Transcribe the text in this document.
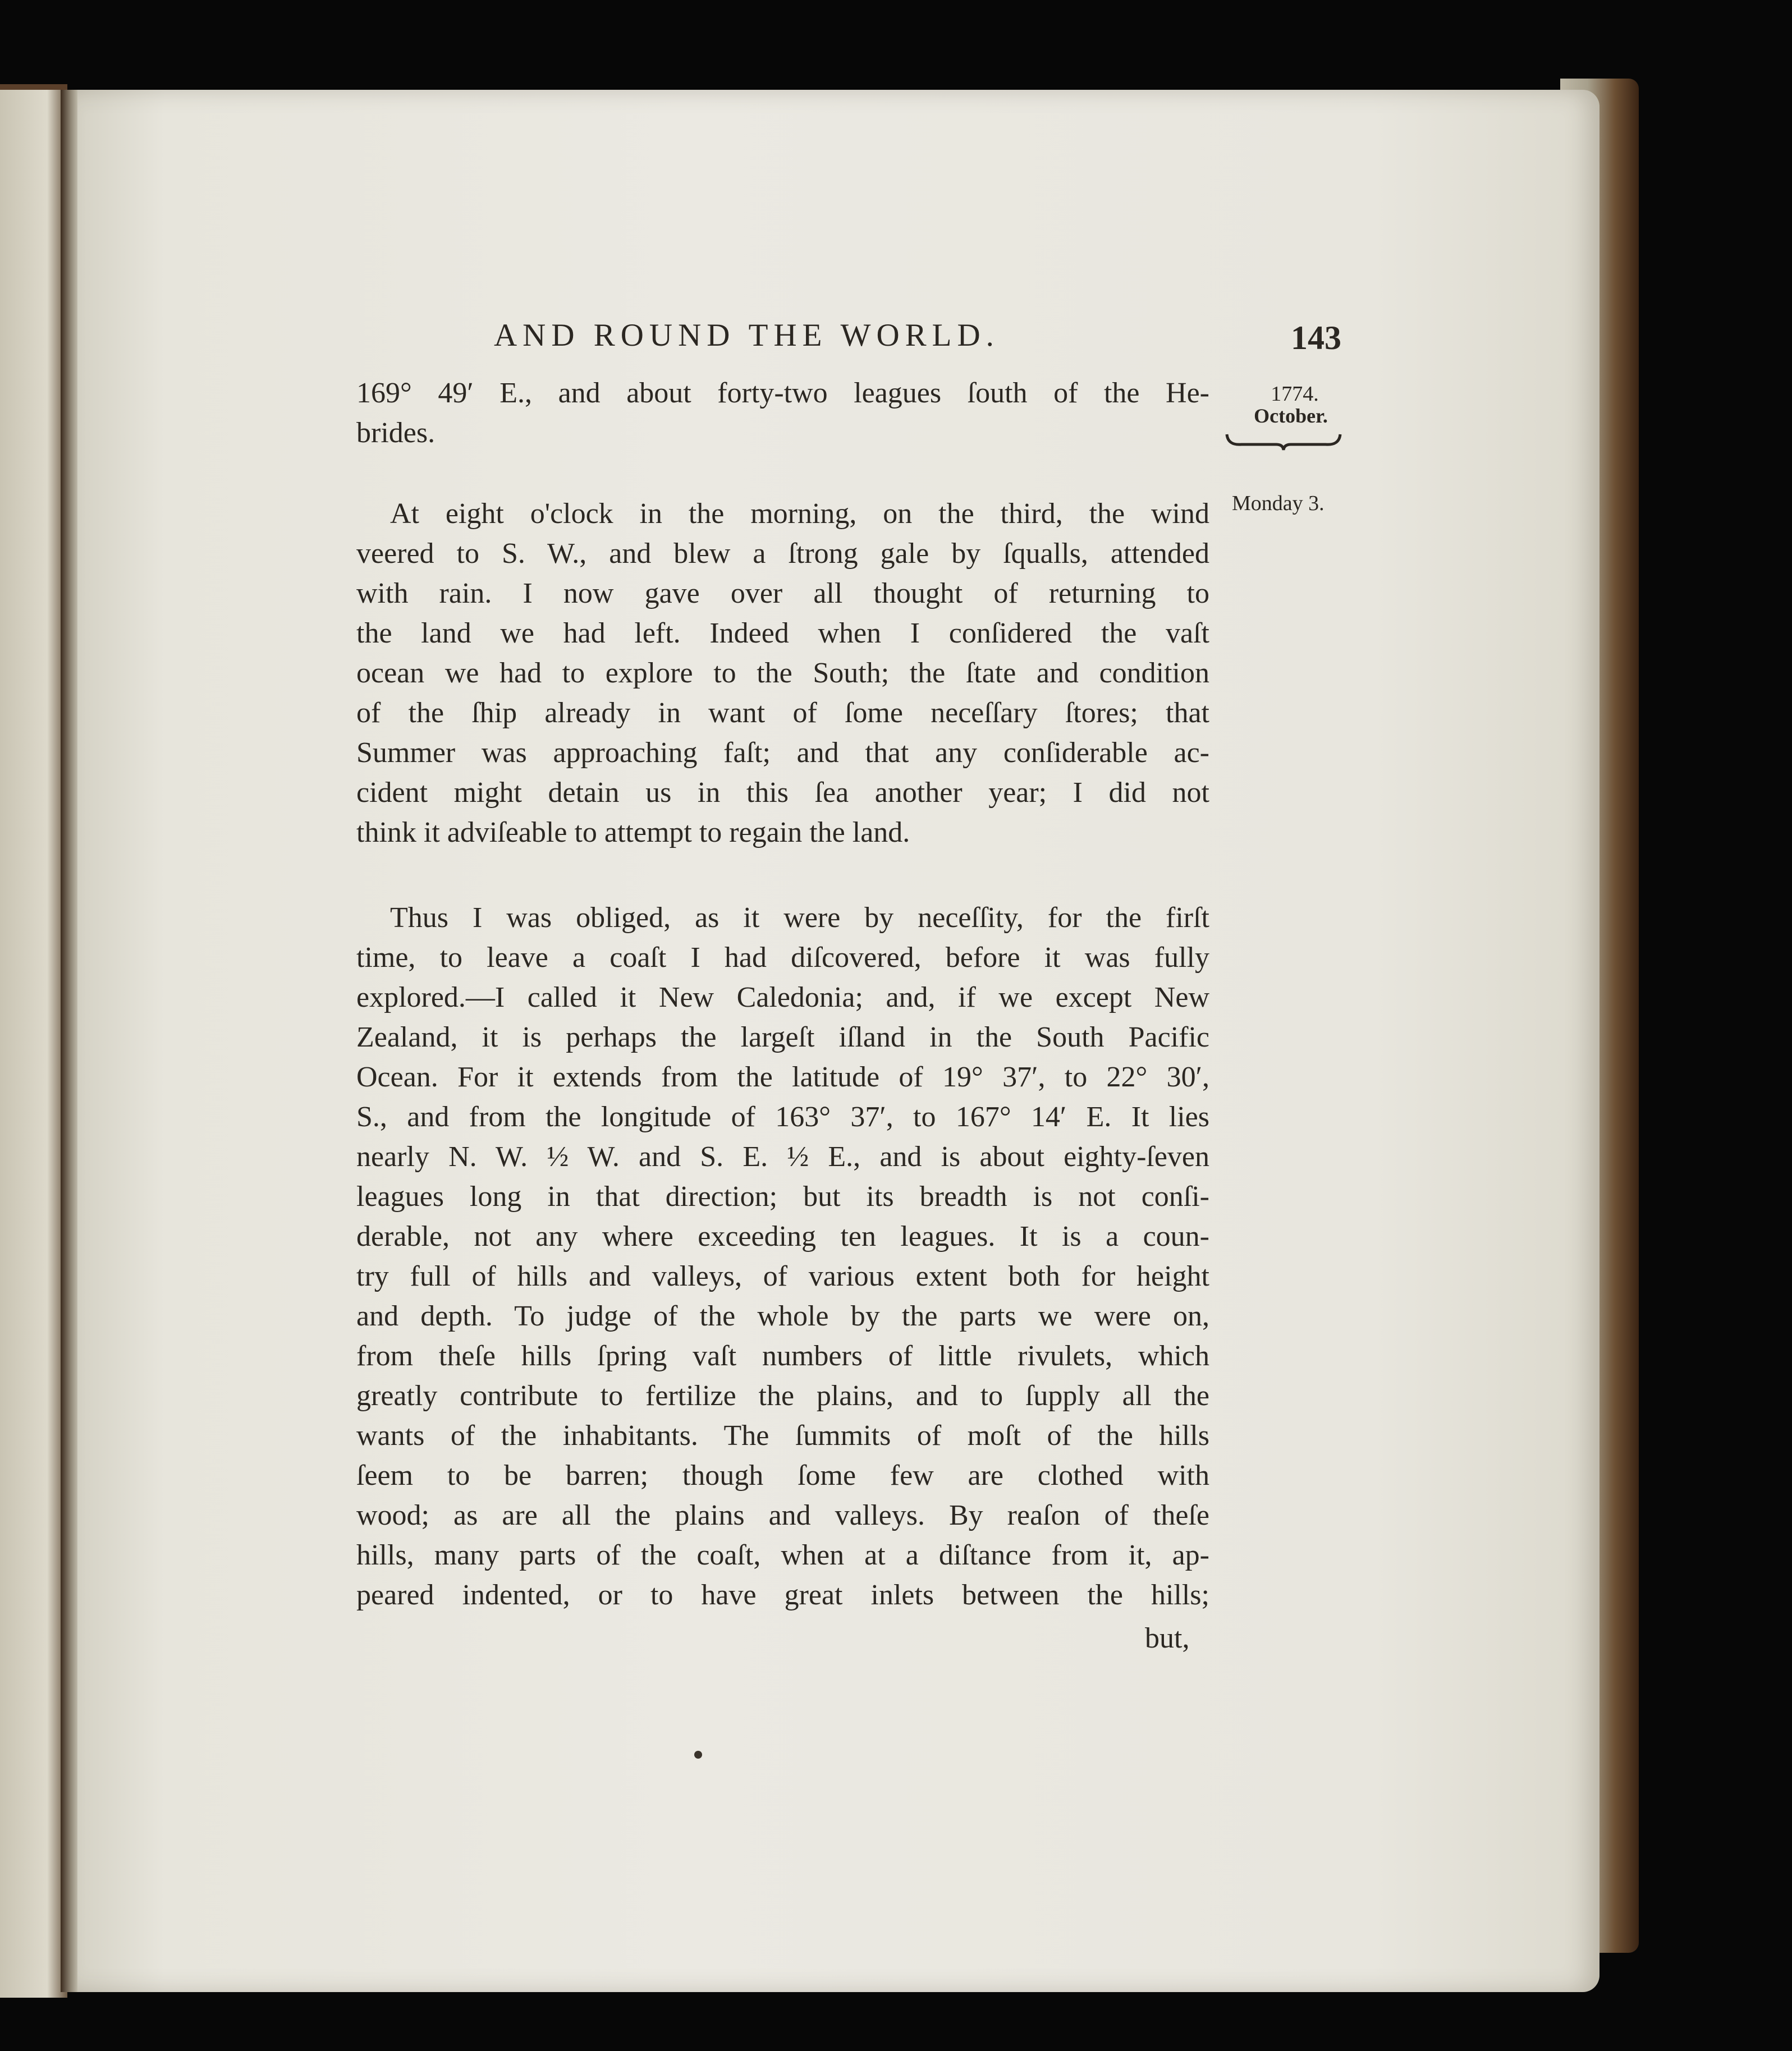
AND ROUND THE WORLD.	143
1774.
October.
Monday 3.
169° 49′ E., and about forty-two leagues ſouth of the He-
brides.
At eight o'clock in the morning, on the third, the wind
veered to S. W., and blew a ſtrong gale by ſqualls, attended
with rain. I now gave over all thought of returning to
the land we had left. Indeed when I conſidered the vaſt
ocean we had to explore to the South; the ſtate and condition
of the ſhip already in want of ſome neceſſary ſtores; that
Summer was approaching faſt; and that any conſiderable ac-
cident might detain us in this ſea another year; I did not
think it adviſeable to attempt to regain the land.
Thus I was obliged, as it were by neceſſity, for the firſt
time, to leave a coaſt I had diſcovered, before it was fully
explored.—I called it New Caledonia; and, if we except New
Zealand, it is perhaps the largeſt iſland in the South Pacific
Ocean. For it extends from the latitude of 19° 37′, to 22° 30′,
S., and from the longitude of 163° 37′, to 167° 14′ E. It lies
nearly N. W. ½ W. and S. E. ½ E., and is about eighty-ſeven
leagues long in that direction; but its breadth is not conſi-
derable, not any where exceeding ten leagues. It is a coun-
try full of hills and valleys, of various extent both for height
and depth. To judge of the whole by the parts we were on,
from theſe hills ſpring vaſt numbers of little rivulets, which
greatly contribute to fertilize the plains, and to ſupply all the
wants of the inhabitants. The ſummits of moſt of the hills
ſeem to be barren; though ſome few are clothed with
wood; as are all the plains and valleys. By reaſon of theſe
hills, many parts of the coaſt, when at a diſtance from it, ap-
peared indented, or to have great inlets between the hills;
but,
